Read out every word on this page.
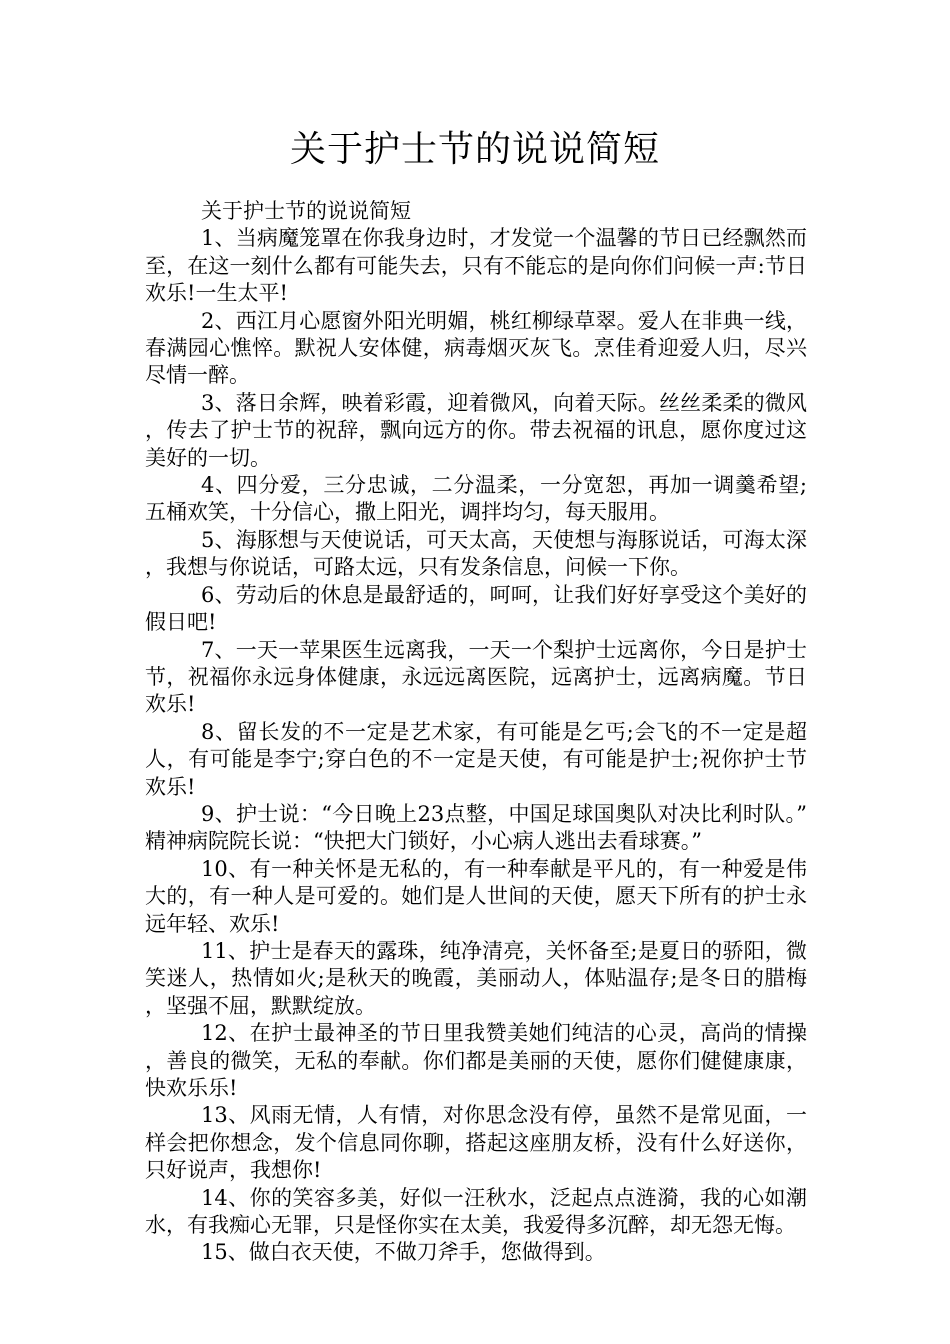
关于护士节的说说简短

关于护士节的说说简短

1、当病魔笼罩在你我身边时，才发觉一个温馨的节日已经飘然而至，在这一刻什么都有可能失去，只有不能忘的是向你们问候一声:节日欢乐!一生太平!

2、西江月心愿窗外阳光明媚，桃红柳绿草翠。爱人在非典一线，春满园心憔悴。默祝人安体健，病毒烟灭灰飞。烹佳肴迎爱人归，尽兴尽情一醉。

3、落日余辉，映着彩霞，迎着微风，向着天际。丝丝柔柔的微风，传去了护士节的祝辞，飘向远方的你。带去祝福的讯息，愿你度过这美好的一切。

4、四分爱，三分忠诚，二分温柔，一分宽恕，再加一调羹希望;五桶欢笑，十分信心，撒上阳光，调拌均匀，每天服用。

5、海豚想与天使说话，可天太高，天使想与海豚说话，可海太深，我想与你说话，可路太远，只有发条信息，问候一下你。

6、劳动后的休息是最舒适的，呵呵，让我们好好享受这个美好的假日吧!

7、一天一苹果医生远离我，一天一个梨护士远离你，今日是护士节，祝福你永远身体健康，永远远离医院，远离护士，远离病魔。节日欢乐!

8、留长发的不一定是艺术家，有可能是乞丐;会飞的不一定是超人，有可能是李宁;穿白色的不一定是天使，有可能是护士;祝你护士节欢乐!

9、护士说：“今日晚上23点整，中国足球国奥队对决比利时队。”精神病院院长说：“快把大门锁好，小心病人逃出去看球赛。”

10、有一种关怀是无私的，有一种奉献是平凡的，有一种爱是伟大的，有一种人是可爱的。她们是人世间的天使，愿天下所有的护士永远年轻、欢乐!

11、护士是春天的露珠，纯净清亮，关怀备至;是夏日的骄阳，微笑迷人，热情如火;是秋天的晚霞，美丽动人，体贴温存;是冬日的腊梅，坚强不屈，默默绽放。

12、在护士最神圣的节日里我赞美她们纯洁的心灵，高尚的情操，善良的微笑，无私的奉献。你们都是美丽的天使，愿你们健健康康，快欢乐乐!

13、风雨无情，人有情，对你思念没有停，虽然不是常见面，一样会把你想念，发个信息同你聊，搭起这座朋友桥，没有什么好送你，只好说声，我想你!

14、你的笑容多美，好似一汪秋水，泛起点点涟漪，我的心如潮水，有我痴心无罪，只是怪你实在太美，我爱得多沉醉，却无怨无悔。

15、做白衣天使，不做刀斧手，您做得到。
